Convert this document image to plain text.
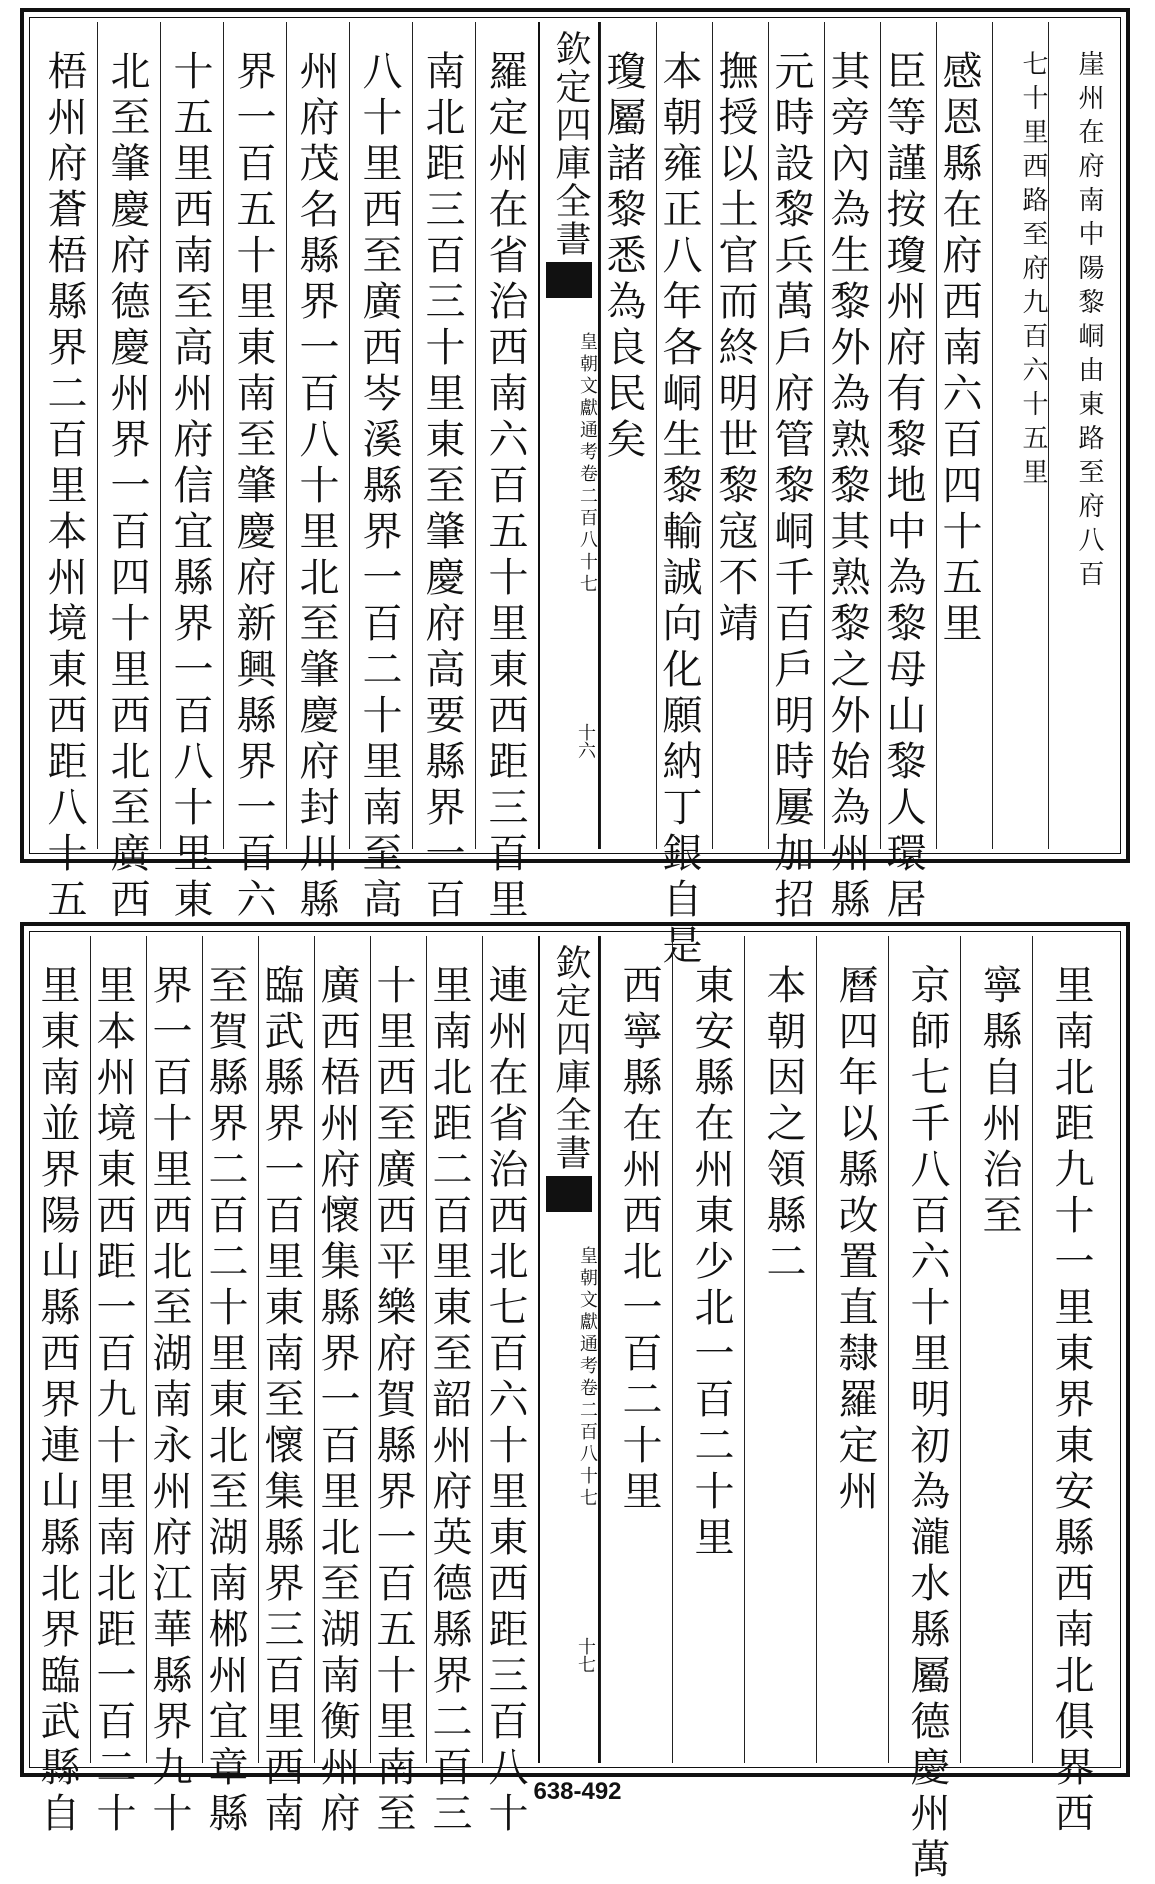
崖州在府南中陽黎峒由東路至府八百
七十里西路至府九百六十五里
感恩縣在府西南六百四十五里
臣等謹按瓊州府有黎地中為黎母山黎人環居
其旁內為生黎外為熟黎其熟黎之外始為州縣
元時設黎兵萬戶府管黎峒千百戶明時屢加招
撫授以土官而終明世黎寇不靖
本朝雍正八年各峒生黎輸誠向化願納丁銀自是
瓊屬諸黎悉為良民矣
羅定州在省治西南六百五十里東西距三百里
南北距三百三十里東至肇慶府高要縣界一百
八十里西至廣西岑溪縣界一百二十里南至高
州府茂名縣界一百八十里北至肇慶府封川縣
界一百五十里東南至肇慶府新興縣界一百六
十五里西南至高州府信宜縣界一百八十里東
北至肇慶府德慶州界一百四十里西北至廣西
梧州府蒼梧縣界二百里本州境東西距八十五	欽定四庫全書
皇朝文獻通考卷二百八十七
十六
里南北距九十一里東界東安縣西南北俱界西
寧縣自州治至
京師七千八百六十里明初為瀧水縣屬德慶州萬
曆四年以縣改置直隸羅定州
本朝因之領縣二
東安縣在州東少北一百二十里
西寧縣在州西北一百二十里
連州在省治西北七百六十里東西距三百八十
里南北距二百里東至韶州府英德縣界二百三
十里西至廣西平樂府賀縣界一百五十里南至
廣西梧州府懷集縣界一百里北至湖南衡州府
臨武縣界一百里東南至懷集縣界三百里西南
至賀縣界二百二十里東北至湖南郴州宜章縣
界一百十里西北至湖南永州府江華縣界九十
里本州境東西距一百九十里南北距一百二十
里東南並界陽山縣西界連山縣北界臨武縣自	欽定四庫全書
皇朝文獻通考卷二百八十七
十七
638-492
